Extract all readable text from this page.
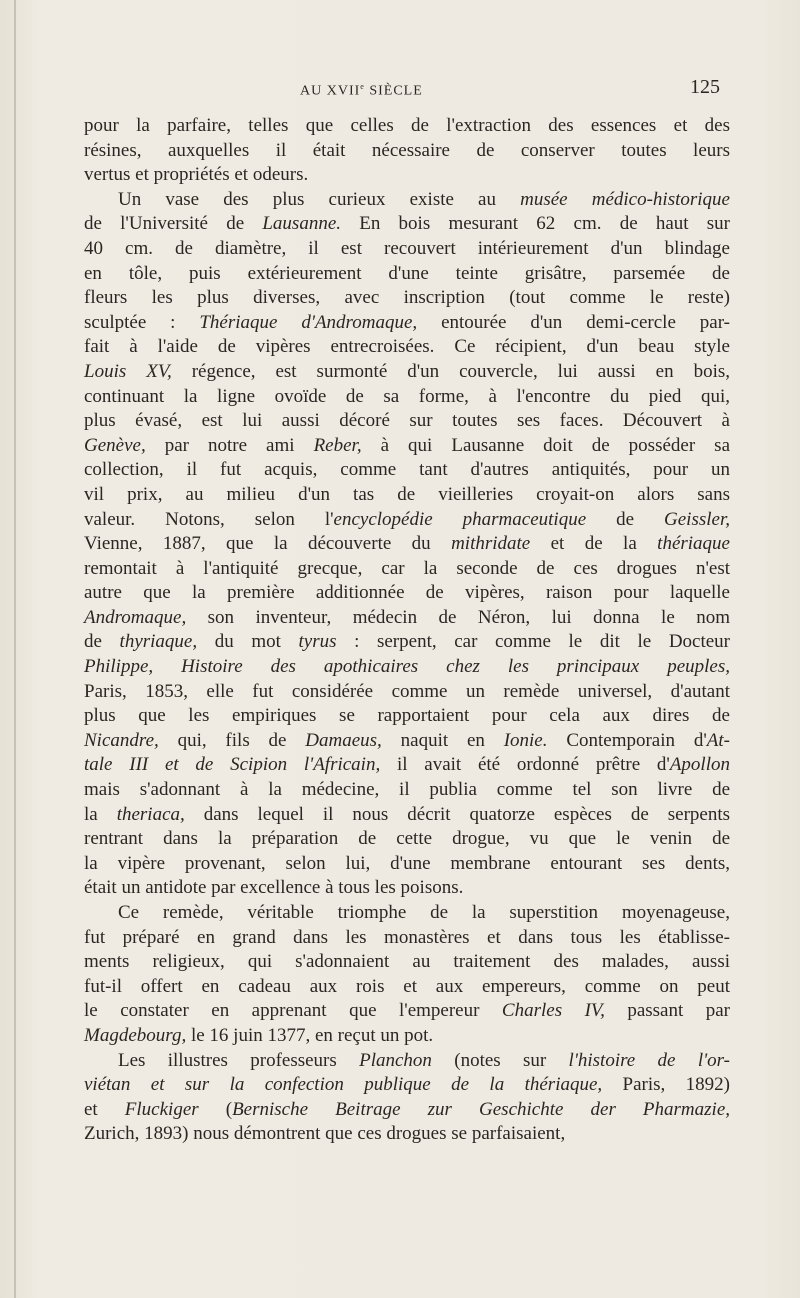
AU XVIIe SIÈCLE	125
pour la parfaire, telles que celles de l'extraction des essences et des
résines, auxquelles il était nécessaire de conserver toutes leurs
vertus et propriétés et odeurs.
Un vase des plus curieux existe au musée médico-historique
de l'Université de Lausanne. En bois mesurant 62 cm. de haut sur
40 cm. de diamètre, il est recouvert intérieurement d'un blindage
en tôle, puis extérieurement d'une teinte grisâtre, parsemée de
fleurs les plus diverses, avec inscription (tout comme le reste)
sculptée : Thériaque d'Andromaque, entourée d'un demi-cercle par-
fait à l'aide de vipères entrecroisées. Ce récipient, d'un beau style
Louis XV, régence, est surmonté d'un couvercle, lui aussi en bois,
continuant la ligne ovoïde de sa forme, à l'encontre du pied qui,
plus évasé, est lui aussi décoré sur toutes ses faces. Découvert à
Genève, par notre ami Reber, à qui Lausanne doit de posséder sa
collection, il fut acquis, comme tant d'autres antiquités, pour un
vil prix, au milieu d'un tas de vieilleries croyait-on alors sans
valeur. Notons, selon l'encyclopédie pharmaceutique de Geissler,
Vienne, 1887, que la découverte du mithridate et de la thériaque
remontait à l'antiquité grecque, car la seconde de ces drogues n'est
autre que la première additionnée de vipères, raison pour laquelle
Andromaque, son inventeur, médecin de Néron, lui donna le nom
de thyriaque, du mot tyrus : serpent, car comme le dit le Docteur
Philippe, Histoire des apothicaires chez les principaux peuples,
Paris, 1853, elle fut considérée comme un remède universel, d'autant
plus que les empiriques se rapportaient pour cela aux dires de
Nicandre, qui, fils de Damaeus, naquit en Ionie. Contemporain d'At-
tale III et de Scipion l'Africain, il avait été ordonné prêtre d'Apollon
mais s'adonnant à la médecine, il publia comme tel son livre de
la theriaca, dans lequel il nous décrit quatorze espèces de serpents
rentrant dans la préparation de cette drogue, vu que le venin de
la vipère provenant, selon lui, d'une membrane entourant ses dents,
était un antidote par excellence à tous les poisons.
Ce remède, véritable triomphe de la superstition moyenageuse,
fut préparé en grand dans les monastères et dans tous les établisse-
ments religieux, qui s'adonnaient au traitement des malades, aussi
fut-il offert en cadeau aux rois et aux empereurs, comme on peut
le constater en apprenant que l'empereur Charles IV, passant par
Magdebourg, le 16 juin 1377, en reçut un pot.
Les illustres professeurs Planchon (notes sur l'histoire de l'or-
viétan et sur la confection publique de la thériaque, Paris, 1892)
et Fluckiger (Bernische Beitrage zur Geschichte der Pharmazie,
Zurich, 1893) nous démontrent que ces drogues se parfaisaient,
